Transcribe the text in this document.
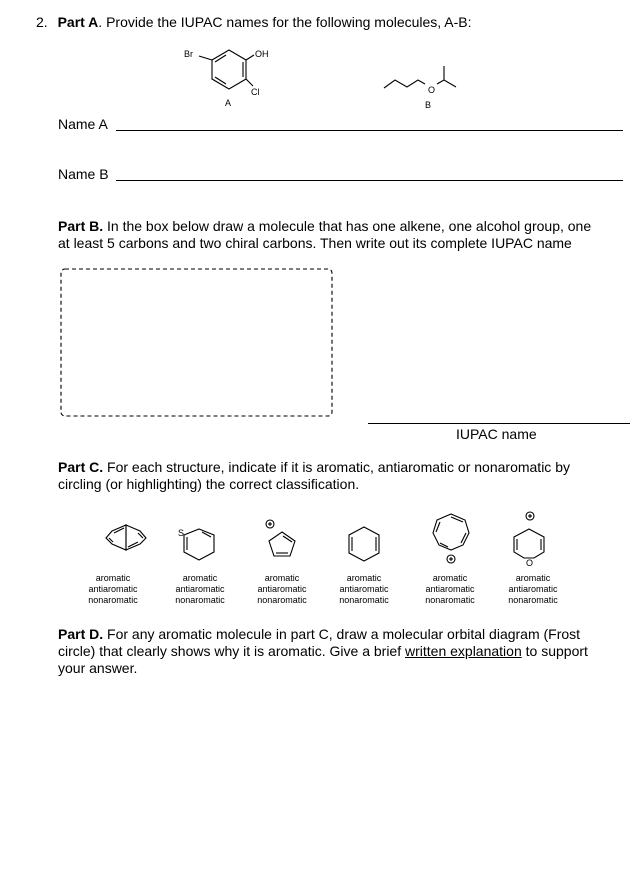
2. Part A. Provide the IUPAC names for the following molecules, A-B:
Br	OH
Cl
A
O
B
Name A
Name B
Part B. In the box below draw a molecule that has one alkene, one alcohol group, one
at least 5 carbons and two chiral carbons. Then write out its complete IUPAC name
IUPAC name
Part C. For each structure, indicate if it is aromatic, antiaromatic or nonaromatic by
circling (or highlighting) the correct classification.
S
O
aromatic
antiaromatic
nonaromatic
aromatic
antiaromatic
nonaromatic
aromatic
antiaromatic
nonaromatic
aromatic
antiaromatic
nonaromatic
aromatic
antiaromatic
nonaromatic
aromatic
antiaromatic
nonaromatic
Part D. For any aromatic molecule in part C, draw a molecular orbital diagram (Frost
circle) that clearly shows why it is aromatic. Give a brief written explanation to support
your answer.
